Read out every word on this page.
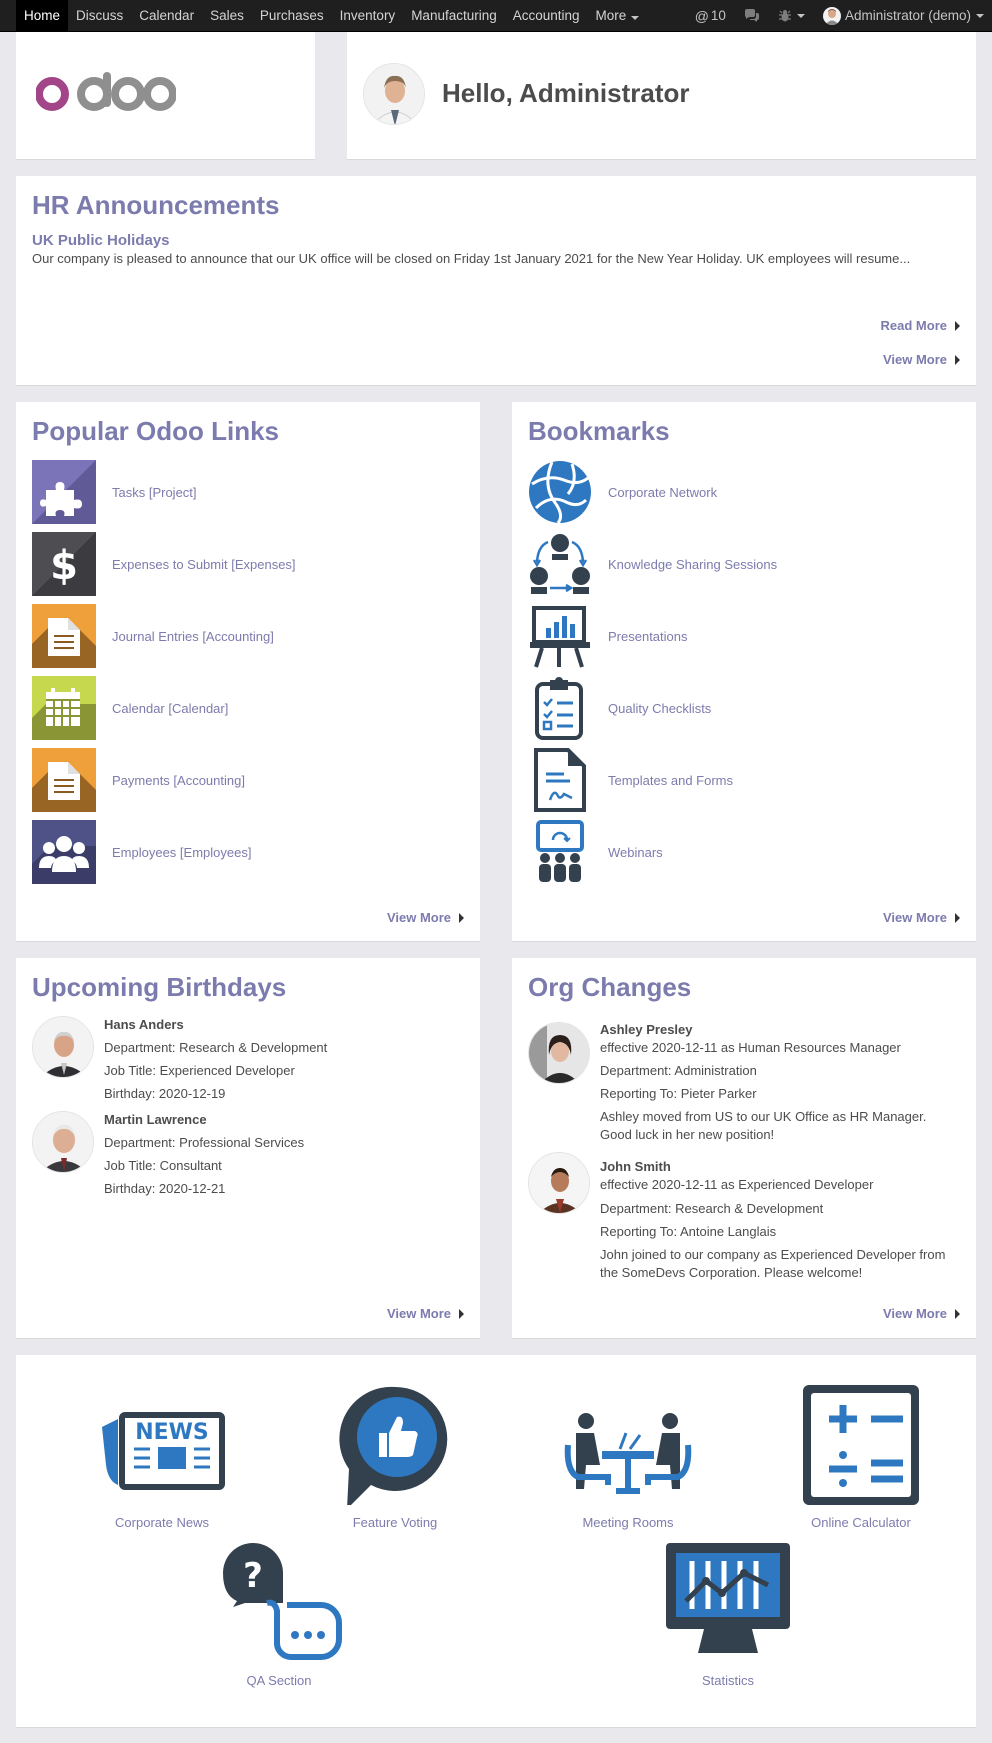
Home	Discuss	Calendar	Sales	Purchases	Inventory	Manufacturing	Accounting	More	@ 10	Administrator (demo)
Hello, Administrator
HR Announcements
UK Public Holidays
Our company is pleased to announce that our UK office will be closed on Friday 1st January 2021 for the New Year Holiday. UK employees will resume...
Read More
View More
Popular Odoo Links
Tasks [Project]
$	Expenses to Submit [Expenses]
Journal Entries [Accounting]
Calendar [Calendar]
Payments [Accounting]
Employees [Employees]
View More
Bookmarks
Corporate Network
Knowledge Sharing Sessions
Presentations
Quality Checklists
Templates and Forms
Webinars
View More
Upcoming Birthdays
Hans Anders
Department: Research & Development
Job Title: Experienced Developer
Birthday: 2020-12-19
Martin Lawrence
Department: Professional Services
Job Title: Consultant
Birthday: 2020-12-21
View More
Org Changes
Ashley Presley
effective 2020-12-11 as Human Resources Manager
Department: Administration
Reporting To: Pieter Parker
Ashley moved from US to our UK Office as HR Manager.
Good luck in her new position!
John Smith
effective 2020-12-11 as Experienced Developer
Department: Research & Development
Reporting To: Antoine Langlais
John joined to our company as Experienced Developer from
the SomeDevs Corporation. Please welcome!
View More
NEWS
Corporate News	Feature Voting	Meeting Rooms	Online Calculator
?
QA Section	Statistics
